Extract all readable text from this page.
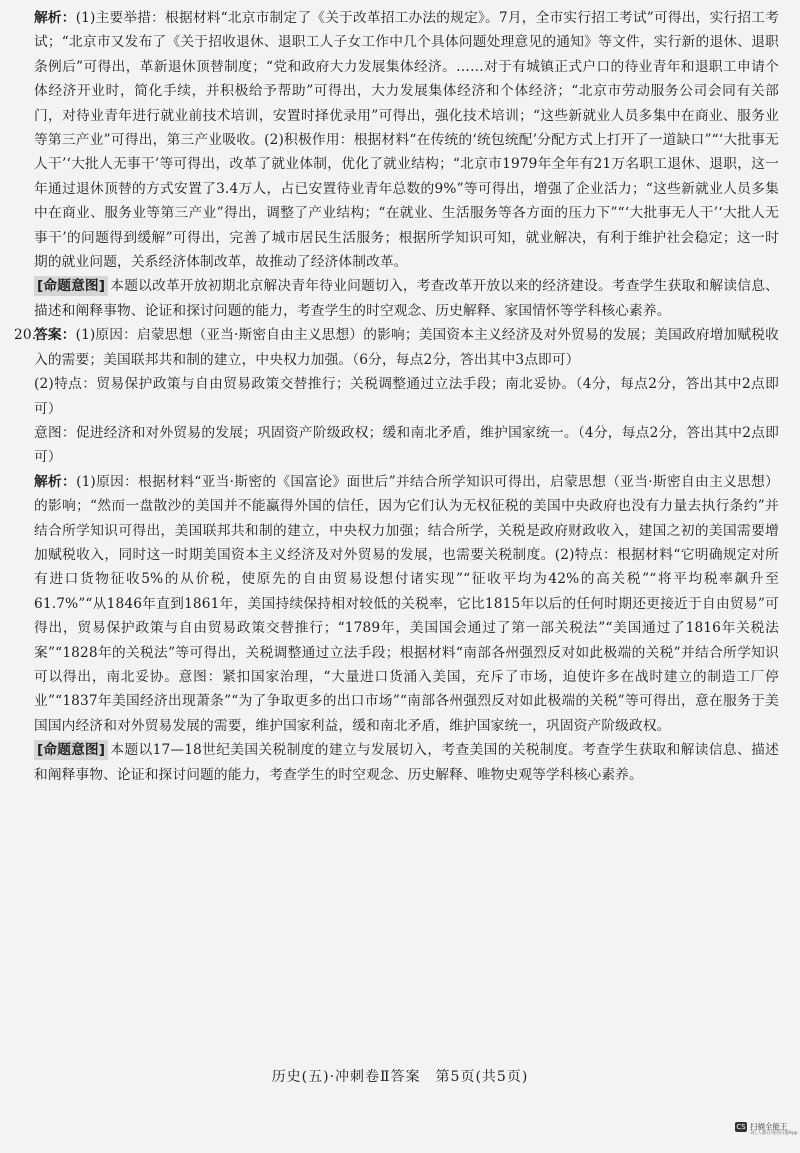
解析：(1)主要举措：根据材料“北京市制定了《关于改革招工办法的规定》。7月，全市实行招工考试”可得出，实行招工考试；“北京市又发布了《关于招收退休、退职工人子女工作中几个具体问题处理意见的通知》等文件，实行新的退休、退职条例后”可得出，革新退休顶替制度；“党和政府大力发展集体经济。……对于有城镇正式户口的待业青年和退职工申请个体经济开业时，简化手续，并积极给予帮助”可得出，大力发展集体经济和个体经济；“北京市劳动服务公司会同有关部门，对待业青年进行就业前技术培训，安置时择优录用”可得出，强化技术培训；“这些新就业人员多集中在商业、服务业等第三产业”可得出，第三产业吸收。(2)积极作用：根据材料“在传统的‘统包统配’分配方式上打开了一道缺口”“‘大批事无人干’‘大批人无事干’等可得出，改革了就业体制，优化了就业结构；“北京市1979年全年有21万名职工退休、退职，这一年通过退休顶替的方式安置了3.4万人，占已安置待业青年总数的9%”等可得出，增强了企业活力；“这些新就业人员多集中在商业、服务业等第三产业”得出，调整了产业结构；“在就业、生活服务等各方面的压力下”“‘大批事无人干’‘大批人无事干’的问题得到缓解”可得出，完善了城市居民生活服务；根据所学知识可知，就业解决，有利于维护社会稳定；这一时期的就业问题，关系经济体制改革，故推动了经济体制改革。

[命题意图] 本题以改革开放初期北京解决青年待业问题切入，考查改革开放以来的经济建设。考查学生获取和解读信息、描述和阐释事物、论证和探讨问题的能力，考查学生的时空观念、历史解释、家国情怀等学科核心素养。

20.
答案：(1)原因：启蒙思想（亚当·斯密自由主义思想）的影响；美国资本主义经济及对外贸易的发展；美国政府增加赋税收入的需要；美国联邦共和制的建立，中央权力加强。（6分，每点2分，答出其中3点即可）

(2)特点：贸易保护政策与自由贸易政策交替推行；关税调整通过立法手段；南北妥协。（4分，每点2分，答出其中2点即可）

意图：促进经济和对外贸易的发展；巩固资产阶级政权；缓和南北矛盾，维护国家统一。（4分，每点2分，答出其中2点即可）

解析：(1)原因：根据材料“亚当·斯密的《国富论》面世后”并结合所学知识可得出，启蒙思想（亚当·斯密自由主义思想）的影响；“然而一盘散沙的美国并不能赢得外国的信任，因为它们认为无权征税的美国中央政府也没有力量去执行条约”并结合所学知识可得出，美国联邦共和制的建立，中央权力加强；结合所学，关税是政府财政收入，建国之初的美国需要增加赋税收入，同时这一时期美国资本主义经济及对外贸易的发展，也需要关税制度。(2)特点：根据材料“它明确规定对所有进口货物征收5%的从价税，使原先的自由贸易设想付诸实现”“征收平均为42%的高关税”“将平均税率飙升至61.7%”“从1846年直到1861年，美国持续保持相对较低的关税率，它比1815年以后的任何时期还更接近于自由贸易”可得出，贸易保护政策与自由贸易政策交替推行；“1789年，美国国会通过了第一部关税法”“美国通过了1816年关税法案”“1828年的关税法”等可得出，关税调整通过立法手段；根据材料“南部各州强烈反对如此极端的关税”并结合所学知识可以得出，南北妥协。意图：紧扣国家治理，“大量进口货涌入美国，充斥了市场，迫使许多在战时建立的制造工厂停业”“1837年美国经济出现萧条”“为了争取更多的出口市场”“南部各州强烈反对如此极端的关税”等可得出，意在服务于美国国内经济和对外贸易发展的需要，维护国家利益，缓和南北矛盾，维护国家统一，巩固资产阶级政权。

[命题意图] 本题以17—18世纪美国关税制度的建立与发展切入，考查美国的关税制度。考查学生获取和解读信息、描述和阐释事物、论证和探讨问题的能力，考查学生的时空观念、历史解释、唯物史观等学科核心素养。

历史(五)·冲刺卷Ⅱ答案　第5页(共5页)
CS 扫描全能王
3亿人都在用的扫描App
